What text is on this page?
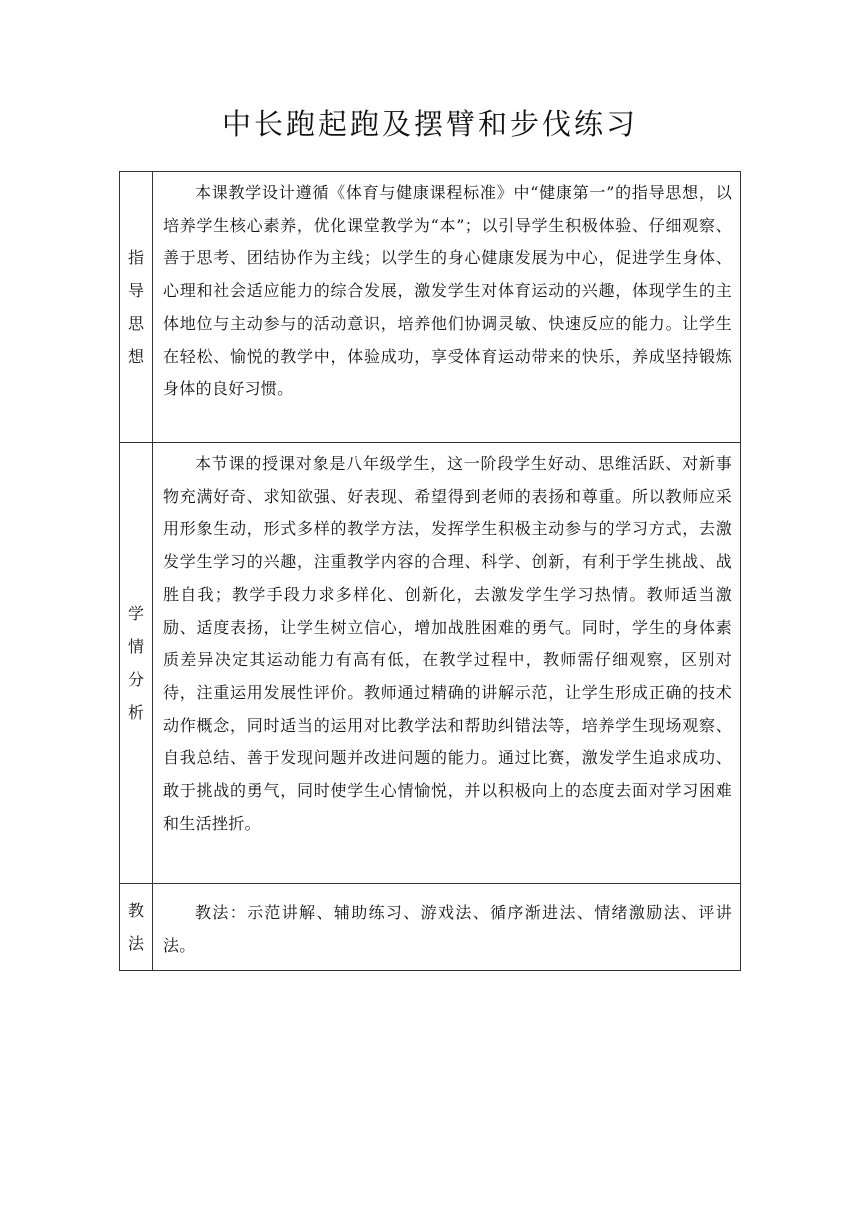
中长跑起跑及摆臂和步伐练习
指导思想	本课教学设计遵循《体育与健康课程标准》中“健康第一”的指导思想，以培养学生核心素养，优化课堂教学为“本”；以引导学生积极体验、仔细观察、善于思考、团结协作为主线；以学生的身心健康发展为中心，促进学生身体、心理和社会适应能力的综合发展，激发学生对体育运动的兴趣，体现学生的主体地位与主动参与的活动意识，培养他们协调灵敏、快速反应的能力。让学生在轻松、愉悦的教学中，体验成功，享受体育运动带来的快乐，养成坚持锻炼身体的良好习惯。

学情分析	本节课的授课对象是八年级学生，这一阶段学生好动、思维活跃、对新事物充满好奇、求知欲强、好表现、希望得到老师的表扬和尊重。所以教师应采用形象生动，形式多样的教学方法，发挥学生积极主动参与的学习方式，去激发学生学习的兴趣，注重教学内容的合理、科学、创新，有利于学生挑战、战胜自我；教学手段力求多样化、创新化，去激发学生学习热情。教师适当激励、适度表扬，让学生树立信心，增加战胜困难的勇气。同时，学生的身体素质差异决定其运动能力有高有低，在教学过程中，教师需仔细观察，区别对待，注重运用发展性评价。教师通过精确的讲解示范，让学生形成正确的技术动作概念，同时适当的运用对比教学法和帮助纠错法等，培养学生现场观察、自我总结、善于发现问题并改进问题的能力。通过比赛，激发学生追求成功、敢于挑战的勇气，同时使学生心情愉悦，并以积极向上的态度去面对学习困难和生活挫折。

教法	教法：示范讲解、辅助练习、游戏法、循序渐进法、情绪激励法、评讲法。
